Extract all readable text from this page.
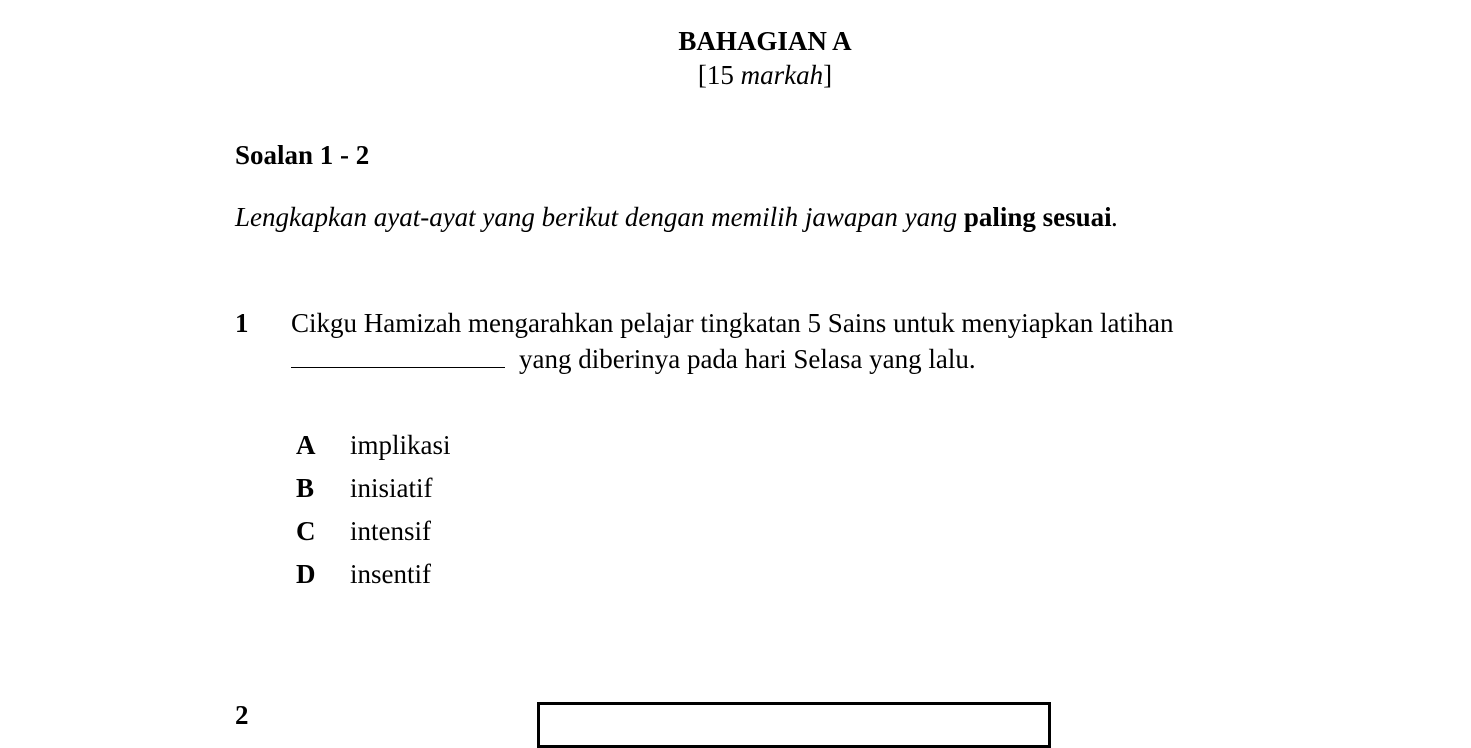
BAHAGIAN A
[15 markah]
Soalan 1 - 2
Lengkapkan ayat-ayat yang berikut dengan memilih jawapan yang paling sesuai.
1 Cikgu Hamizah mengarahkan pelajar tingkatan 5 Sains untuk menyiapkan latihan
yang diberinya pada hari Selasa yang lalu.
A	implikasi
B	inisiatif
C	intensif
D	insentif
2
